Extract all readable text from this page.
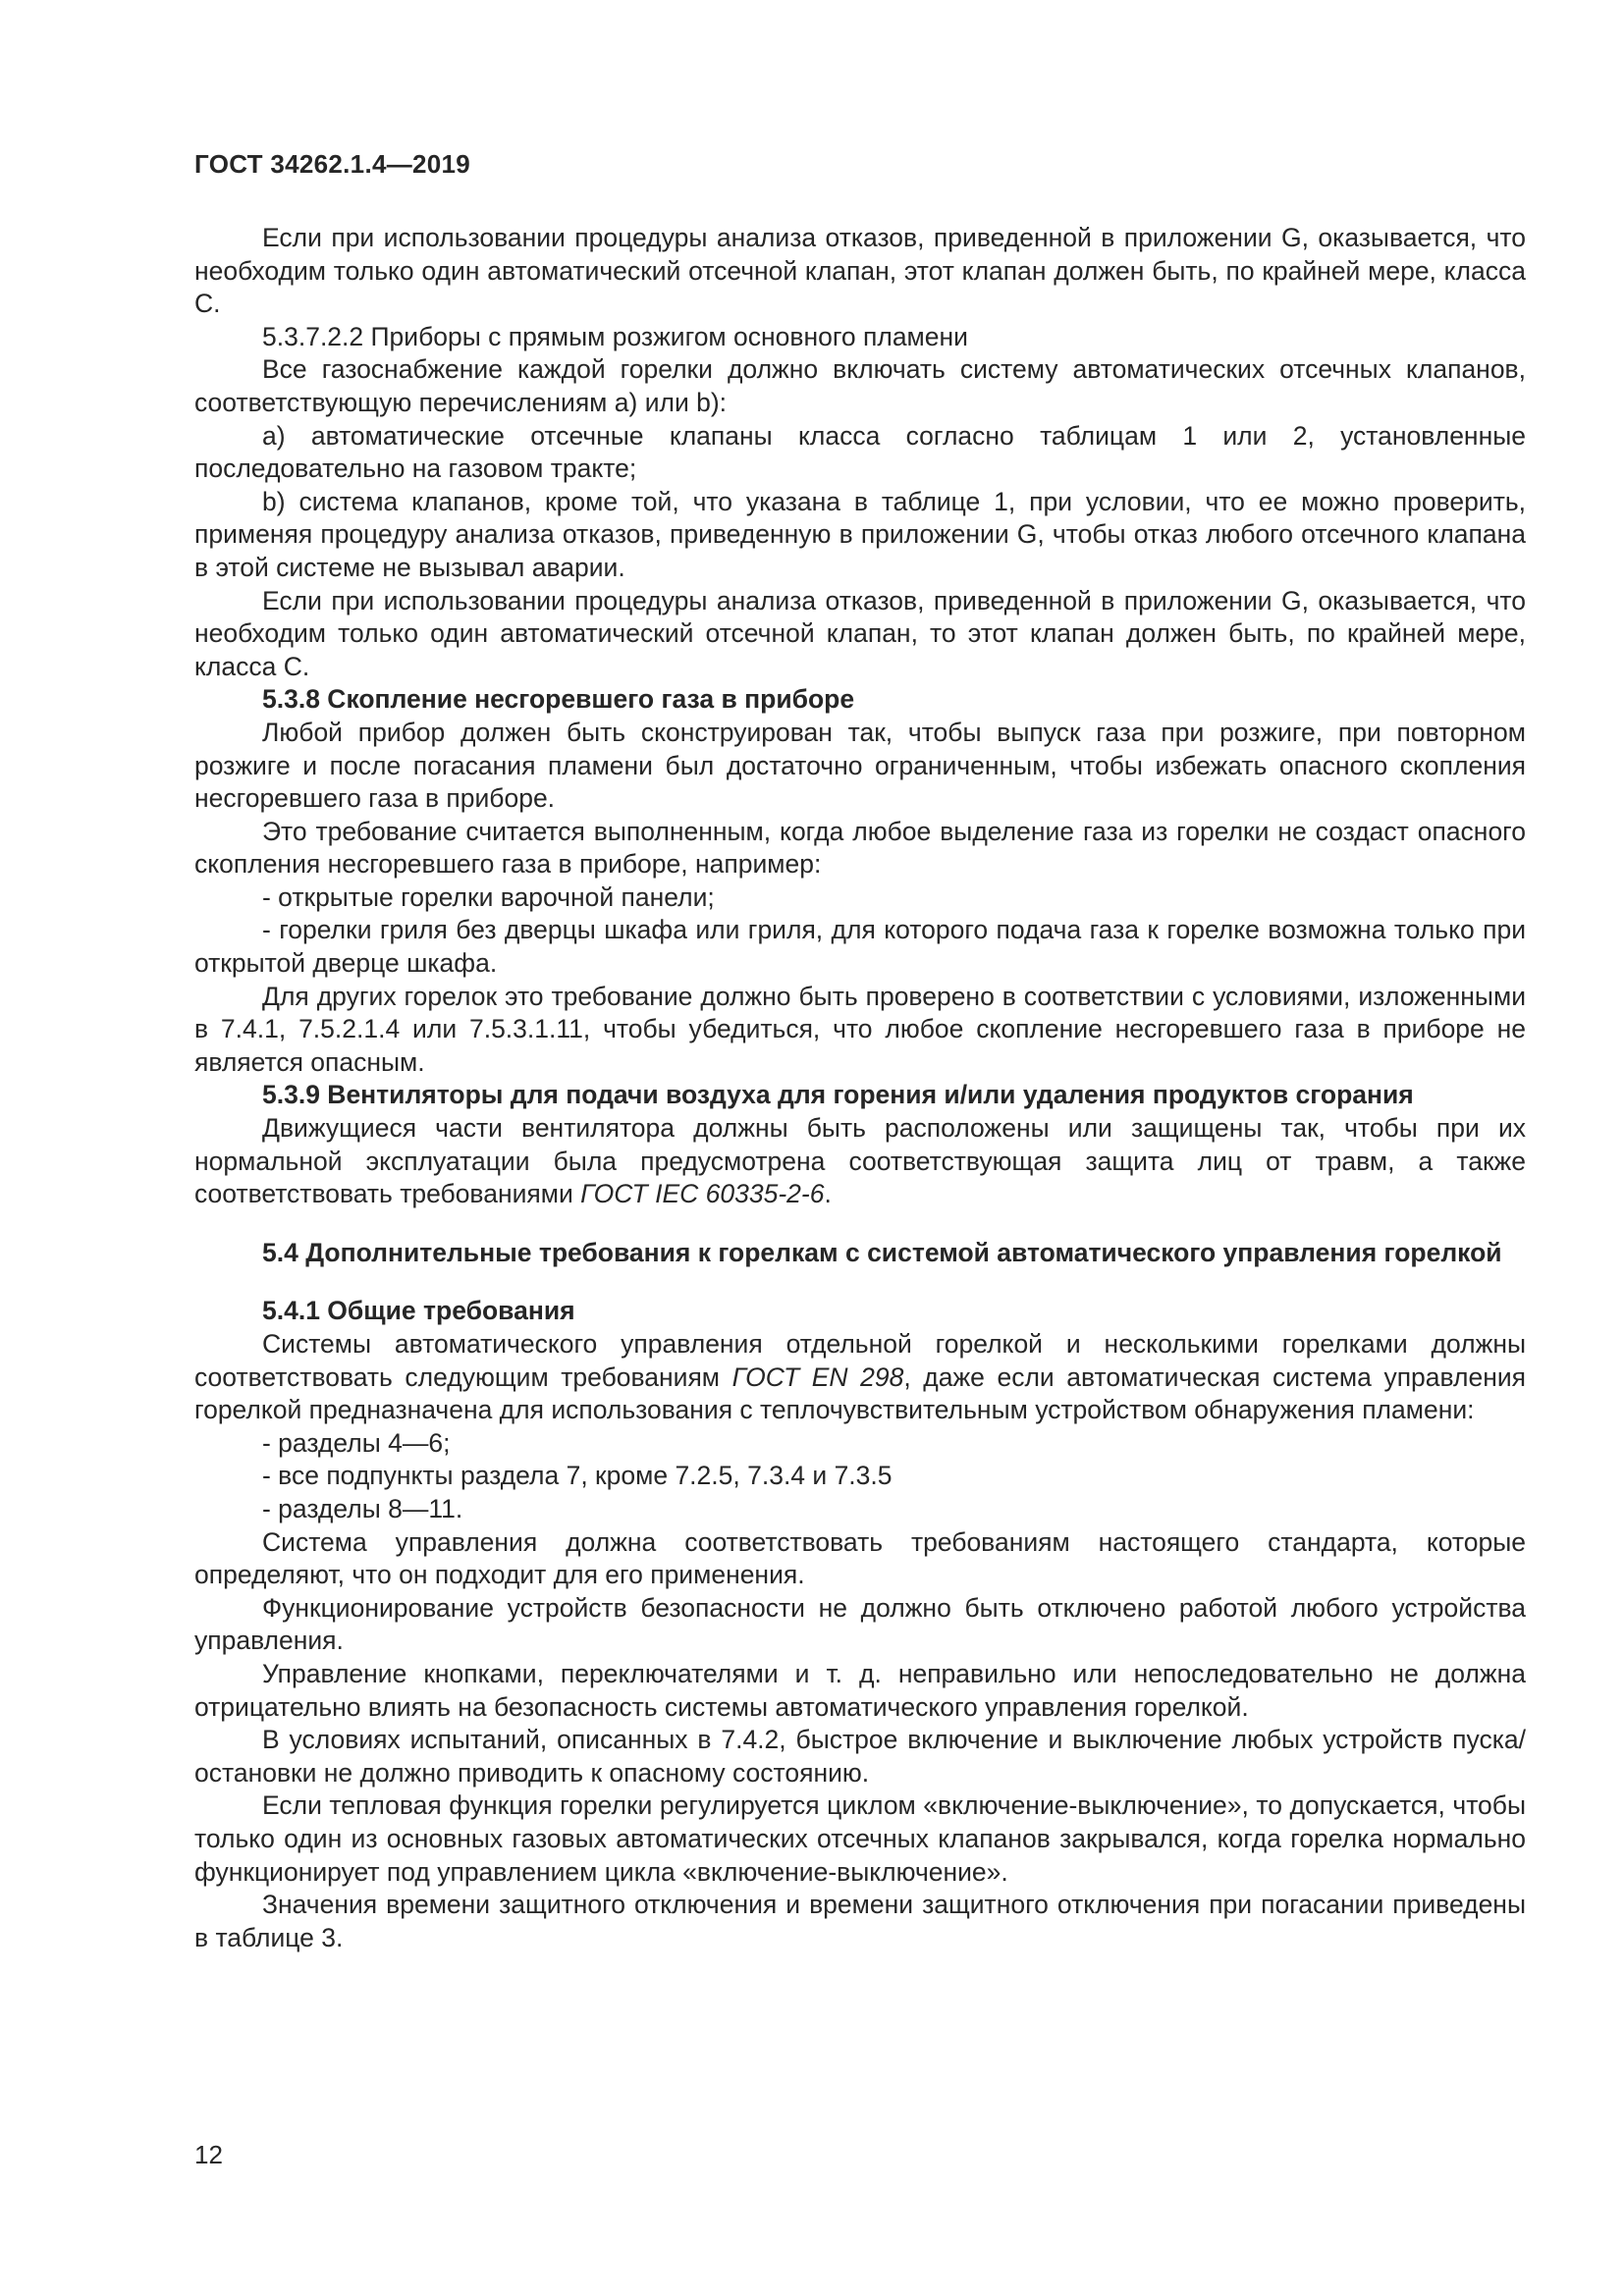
ГОСТ 34262.1.4—2019

Если при использовании процедуры анализа отказов, приведенной в приложении G, оказывается, что необходим только один автоматический отсечной клапан, этот клапан должен быть, по крайней мере, класса С.

5.3.7.2.2 Приборы с прямым розжигом основного пламени

Все газоснабжение каждой горелки должно включать систему автоматических отсечных клапанов, соответствующую перечислениям a) или b):

a) автоматические отсечные клапаны класса согласно таблицам 1 или 2, установленные последовательно на газовом тракте;

b) система клапанов, кроме той, что указана в таблице 1, при условии, что ее можно проверить, применяя процедуру анализа отказов, приведенную в приложении G, чтобы отказ любого отсечного клапана в этой системе не вызывал аварии.

Если при использовании процедуры анализа отказов, приведенной в приложении G, оказывается, что необходим только один автоматический отсечной клапан, то этот клапан должен быть, по крайней мере, класса С.

5.3.8 Скопление несгоревшего газа в приборе

Любой прибор должен быть сконструирован так, чтобы выпуск газа при розжиге, при повторном розжиге и после погасания пламени был достаточно ограниченным, чтобы избежать опасного скопления несгоревшего газа в приборе.

Это требование считается выполненным, когда любое выделение газа из горелки не создаст опасного скопления несгоревшего газа в приборе, например:

- открытые горелки варочной панели;

- горелки гриля без дверцы шкафа или гриля, для которого подача газа к горелке возможна только при открытой дверце шкафа.

Для других горелок это требование должно быть проверено в соответствии с условиями, изложенными в 7.4.1, 7.5.2.1.4 или 7.5.3.1.11, чтобы убедиться, что любое скопление несгоревшего газа в приборе не является опасным.

5.3.9 Вентиляторы для подачи воздуха для горения и/или удаления продуктов сгорания

Движущиеся части вентилятора должны быть расположены или защищены так, чтобы при их нормальной эксплуатации была предусмотрена соответствующая защита лиц от травм, а также соответствовать требованиями ГОСТ IEC 60335-2-6.

5.4 Дополнительные требования к горелкам с системой автоматического управления горелкой

5.4.1 Общие требования

Системы автоматического управления отдельной горелкой и несколькими горелками должны соответствовать следующим требованиям ГОСТ EN 298, даже если автоматическая система управления горелкой предназначена для использования с теплочувствительным устройством обнаружения пламени:

- разделы 4—6;

- все подпункты раздела 7, кроме 7.2.5, 7.3.4 и 7.3.5

- разделы 8—11.

Система управления должна соответствовать требованиям настоящего стандарта, которые определяют, что он подходит для его применения.

Функционирование устройств безопасности не должно быть отключено работой любого устройства управления.

Управление кнопками, переключателями и т. д. неправильно или непоследовательно не должна отрицательно влиять на безопасность системы автоматического управления горелкой.

В условиях испытаний, описанных в 7.4.2, быстрое включение и выключение любых устройств пуска/остановки не должно приводить к опасному состоянию.

Если тепловая функция горелки регулируется циклом «включение-выключение», то допускается, чтобы только один из основных газовых автоматических отсечных клапанов закрывался, когда горелка нормально функционирует под управлением цикла «включение-выключение».

Значения времени защитного отключения и времени защитного отключения при погасании приведены в таблице 3.

12
